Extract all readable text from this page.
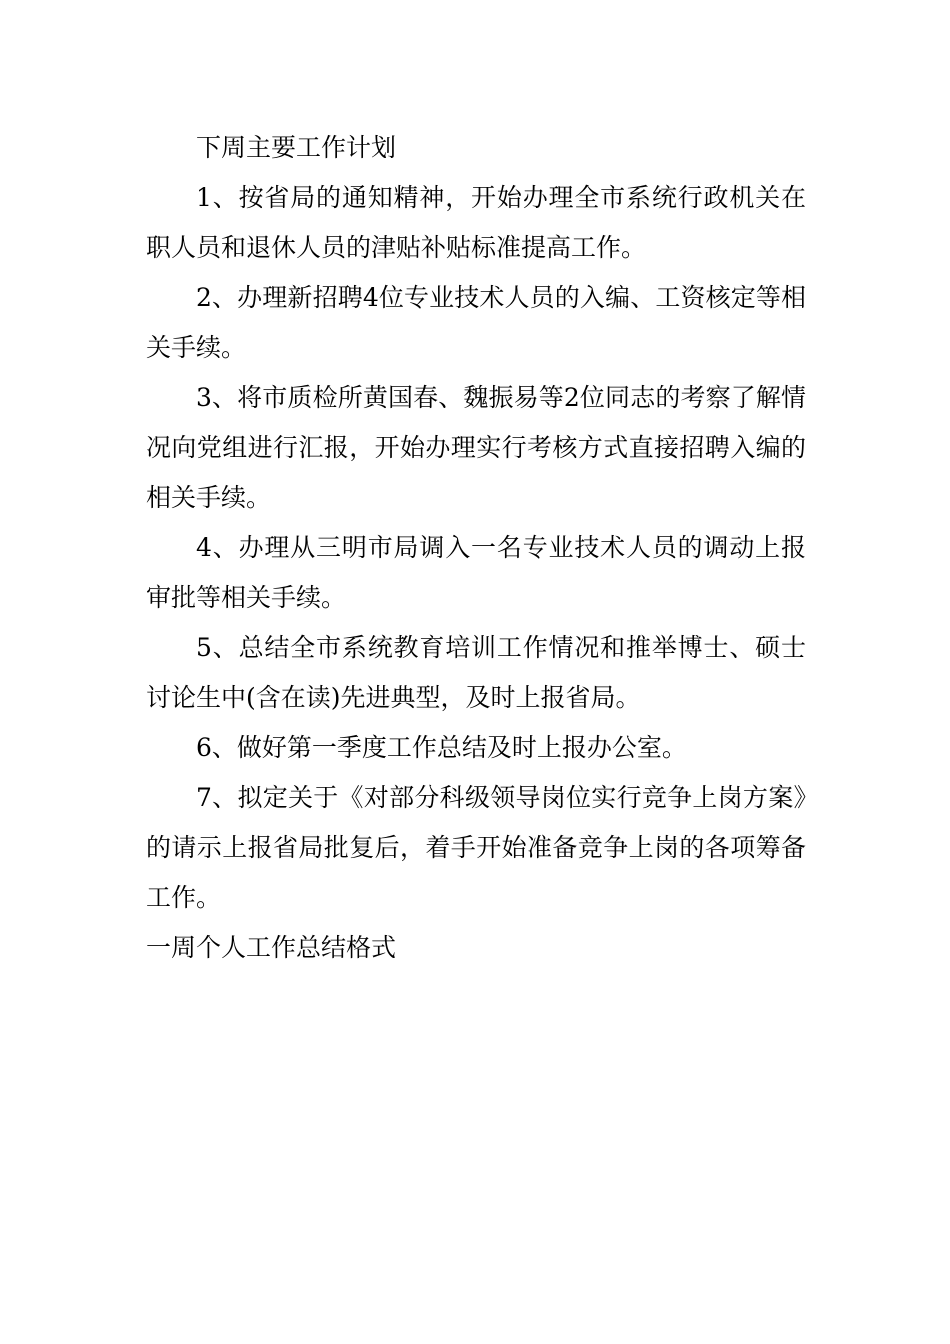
下周主要工作计划

1、按省局的通知精神，开始办理全市系统行政机关在职人员和退休人员的津贴补贴标准提高工作。

2、办理新招聘4位专业技术人员的入编、工资核定等相关手续。

3、将市质检所黄国春、魏振易等2位同志的考察了解情况向党组进行汇报，开始办理实行考核方式直接招聘入编的相关手续。

4、办理从三明市局调入一名专业技术人员的调动上报审批等相关手续。

5、总结全市系统教育培训工作情况和推举博士、硕士讨论生中(含在读)先进典型，及时上报省局。

6、做好第一季度工作总结及时上报办公室。

7、拟定关于《对部分科级领导岗位实行竞争上岗方案》的请示上报省局批复后，着手开始准备竞争上岗的各项筹备工作。

一周个人工作总结格式
